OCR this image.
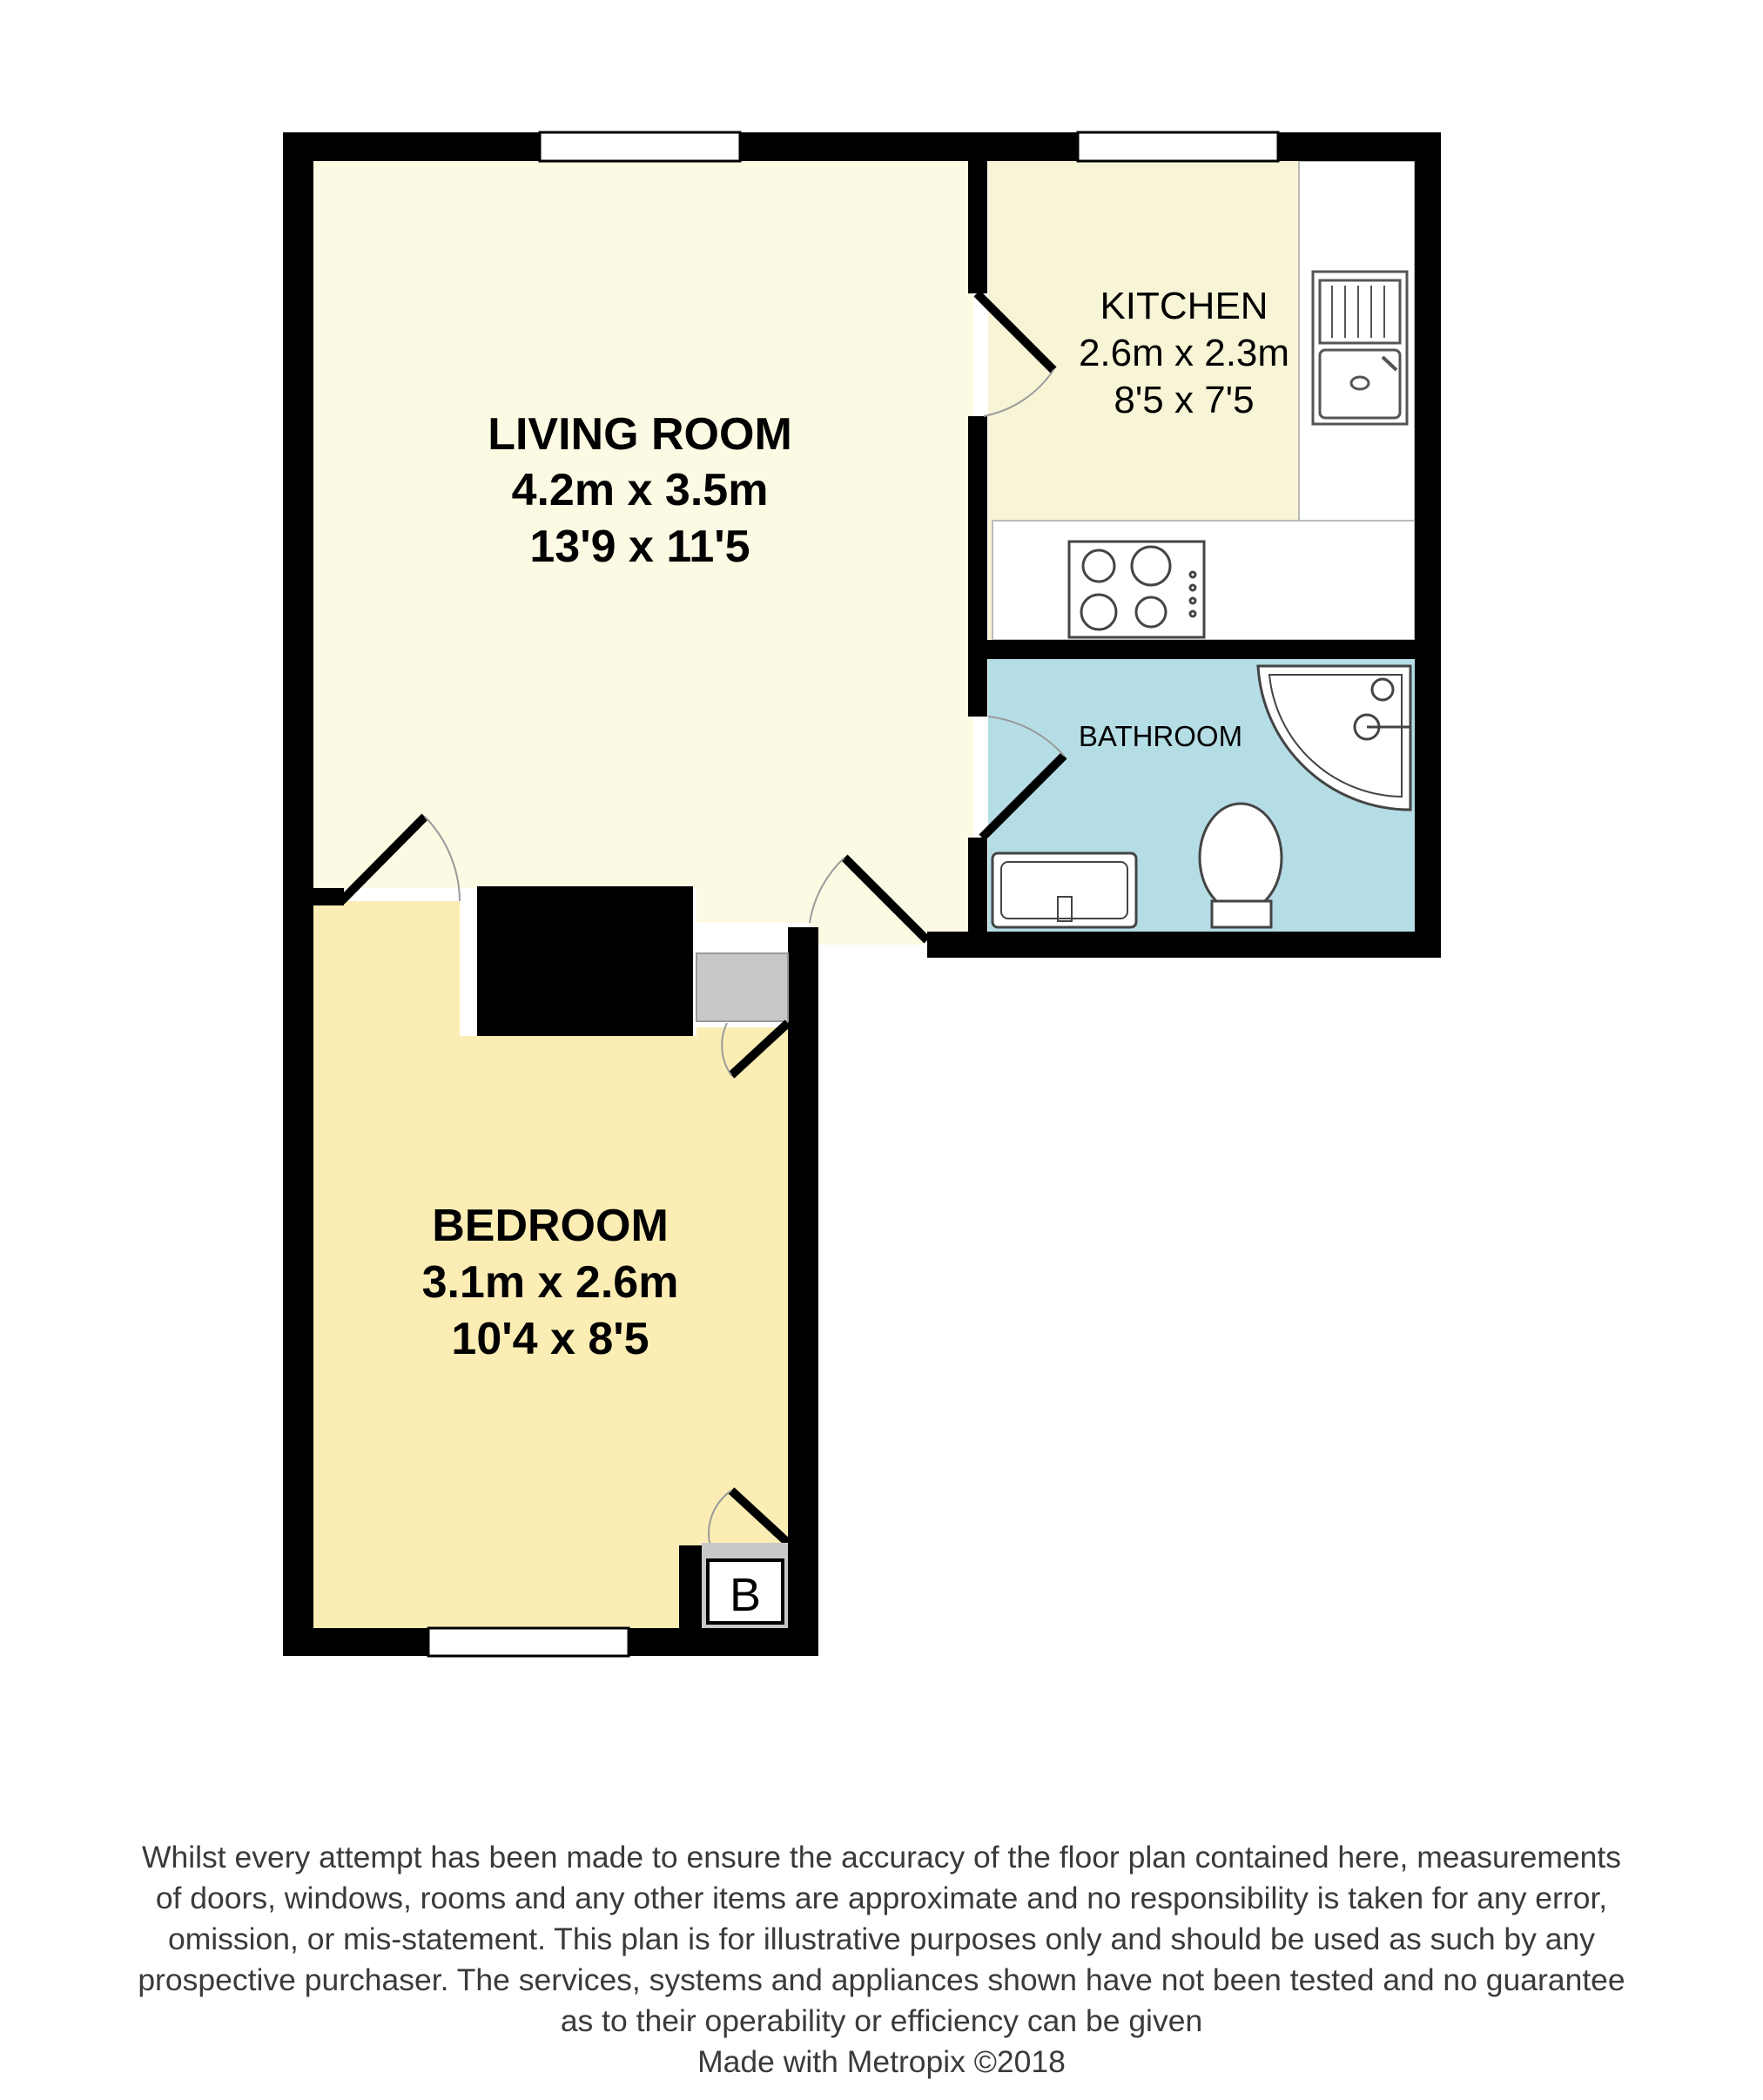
B
LIVING ROOM
4.2m x 3.5m
13'9 x 11'5
KITCHEN
2.6m x 2.3m
8'5 x 7'5
BATHROOM
BEDROOM
3.1m x 2.6m
10'4 x 8'5
Whilst every attempt has been made to ensure the accuracy of the floor plan contained here, measurements
of doors, windows, rooms and any other items are approximate and no responsibility is taken for any error,
omission, or mis-statement. This plan is for illustrative purposes only and should be used as such by any
prospective purchaser. The services, systems and appliances shown have not been tested and no guarantee
as to their operability or efficiency can be given
Made with Metropix ©2018
